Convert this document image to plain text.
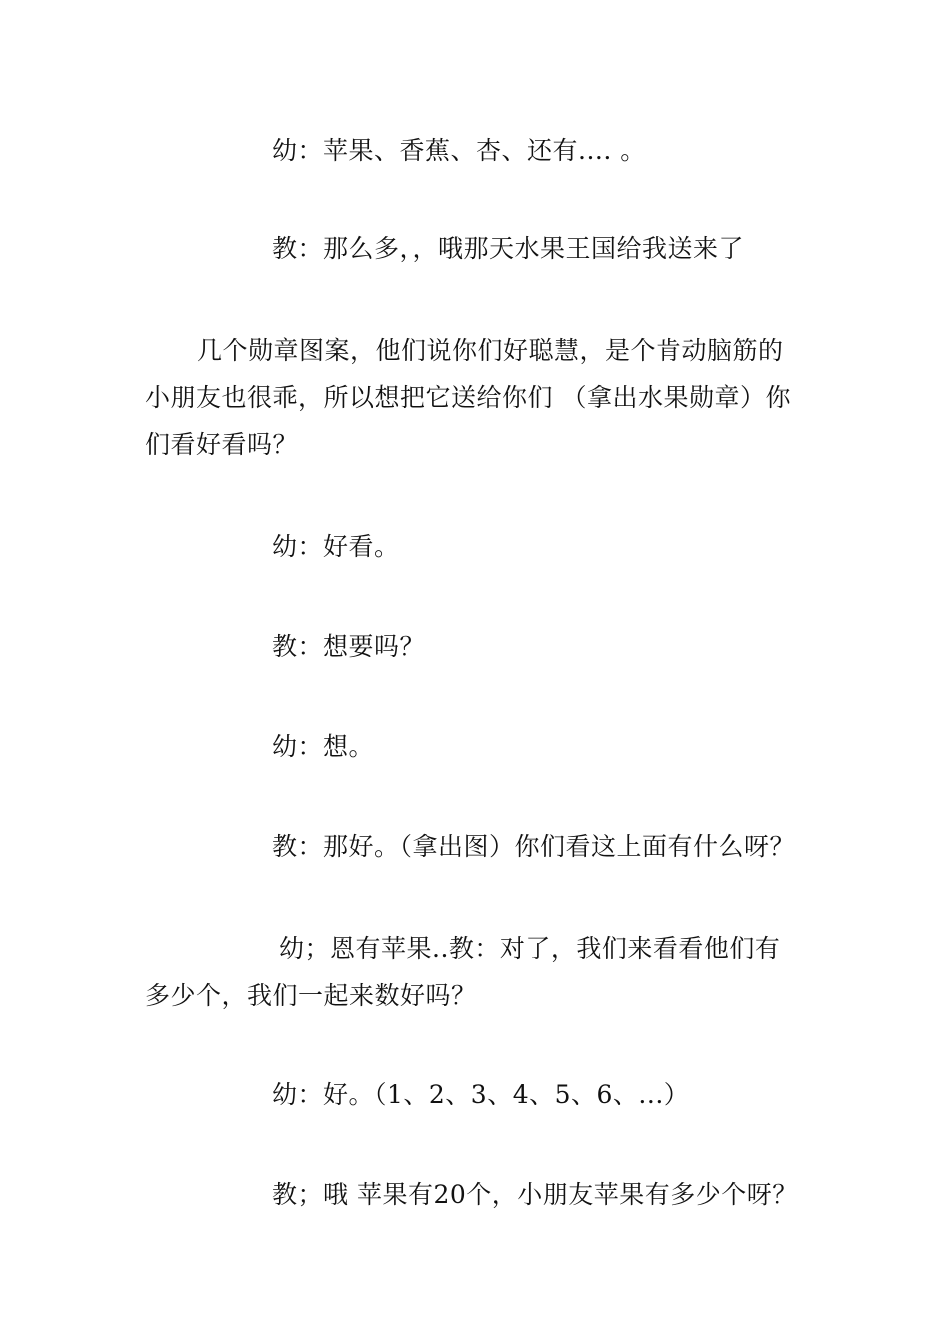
幼：苹果、香蕉、杏、还有.... 。
教：那么多，，哦那天水果王国给我送来了
几个勋章图案，他们说你们好聪慧，是个肯动脑筋的
小朋友也很乖，所以想把它送给你们 （拿出水果勋章）你
们看好看吗？
幼：好看。
教：想要吗？
幼：想。
教：那好。（拿出图）你们看这上面有什么呀？
幼；恩有苹果..教：对了，我们来看看他们有
多少个，我们一起来数好吗？
幼：好。（1、2、3、4、5、6、...）
教；哦 苹果有20个，小朋友苹果有多少个呀？
